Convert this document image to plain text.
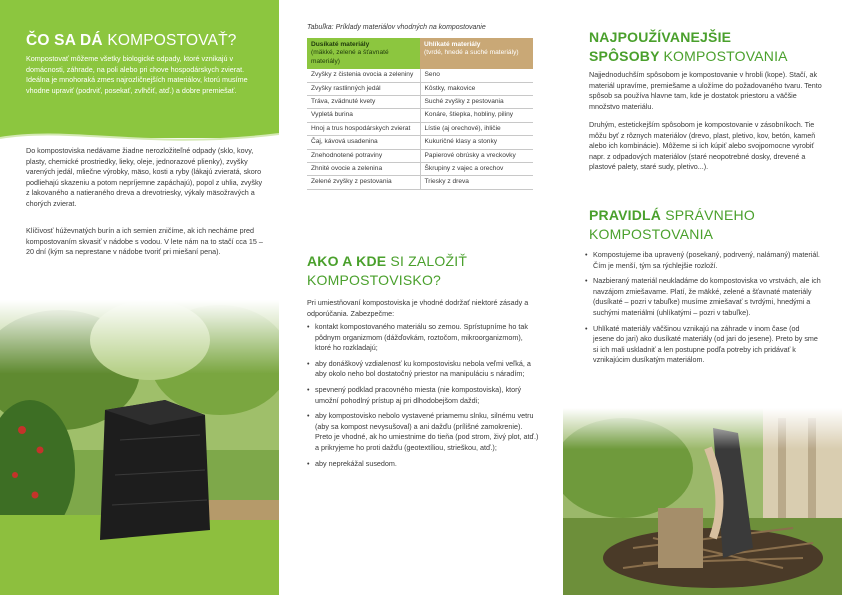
ČO SA DÁ KOMPOSTOVAŤ?

Kompostovať môžeme všetky biologické odpady, ktoré vznikajú v domácnosti, záhrade, na poli alebo pri chove hospodárskych zvierat. Ideálna je mnohoraká zmes najrozličnejších materiálov, ktorú musíme vhodne upraviť (podrviť, posekať, zvlhčiť, atď.) a dobre premiešať.

Do kompostoviska nedávame žiadne nerozložiteľné odpady (sklo, kovy, plasty, chemické prostriedky, lieky, oleje, jednorazové plienky), zvyšky varených jedál, mliečne výrobky, mäso, kosti a ryby (lákajú zvieratá, skoro podliehajú skazeniu a potom nepríjemne zapáchajú), popol z uhlia, zvyšky z lakovaného a natieraného dreva a drevotriesky, výkaly mäsožravých a chorých zvierat.

Klíčivosť húževnatých burín a ich semien zničíme, ak ich necháme pred kompostovaním skvasiť v nádobe s vodou. V lete nám na to stačí cca 15 – 20 dní (kým sa neprestane v nádobe tvoriť pri miešaní pena).

Tabuľka: Príklady materiálov vhodných na kompostovanie

Dusíkaté materiály
(mäkké, zelené a šťavnaté materiály)	Uhlíkaté materiály
(tvrdé, hnedé a suché materiály)
Zvyšky z čistenia ovocia a zeleniny	Seno
Zvyšky rastlinných jedál	Kôstky, makovice
Tráva, zvädnuté kvety	Suché zvyšky z pestovania
Vypletá burina	Konáre, štiepka, hobliny, piliny
Hnoj a trus hospodárskych zvierat	Lístie (aj orechové), ihličie
Čaj, kávová usadenina	Kukuričné klasy a stonky
Znehodnotené potraviny	Papierové obrúsky a vreckovky
Zhnité ovocie a zelenina	Škrupiny z vajec a orechov
Zelené zvyšky z pestovania	Triesky z dreva
AKO A KDE SI ZALOŽIŤ
KOMPOSTOVISKO?

Pri umiestňovaní kompostoviska je vhodné dodržať niektoré zásady a odporúčania. Zabezpečme:

• kontakt kompostovaného materiálu so zemou. Sprístupníme ho tak pôdnym organizmom (dážďovkám, roztočom, mikroorganizmom), ktoré ho rozkladajú;
• aby donáškový vzdialenosť ku kompostovisku nebola veľmi veľká, a aby okolo neho bol dostatočný priestor na manipuláciu s náradím;
• spevnený podklad pracovného miesta (nie kompostoviska), ktorý umožní pohodlný prístup aj pri dlhodobejšom daždi;
• aby kompostovisko nebolo vystavené priamemu slnku, silnému vetru (aby sa kompost nevysušoval) a ani dažďu (prílišné zamokrenie). Preto je vhodné, ak ho umiestnime do tieňa (pod strom, živý plot, atď.) a prikryjeme ho proti dažďu (geotextíliou, strieškou, atď.);
• aby neprekážal susedom.
NAJPOUŽÍVANEJŠIE
SPÔSOBY KOMPOSTOVANIA

Najjednoduchším spôsobom je kompostovanie v hrobli (kope). Stačí, ak materiál upravíme, premiešame a uložíme do požadovaného tvaru. Tento spôsob sa používa hlavne tam, kde je dostatok priestoru a väčšie množstvo materiálu.

Druhým, estetickejším spôsobom je kompostovanie v zásobníkoch. Tie môžu byť z rôznych materiálov (drevo, plast, pletivo, kov, betón, kameň alebo ich kombinácie). Môžeme si ich kúpiť alebo svojpomocne vyrobiť napr. z odpadových materiálov (staré neopotrebné dosky, drevené a plastové palety, staré sudy, pletivo...).

PRAVIDLÁ SPRÁVNEHO
KOMPOSTOVANIA
• Kompostujeme iba upravený (posekaný, podrvený, nalámaný) materiál. Čím je menší, tým sa rýchlejšie rozloží.
• Nazbieraný materiál neukladáme do kompostoviska vo vrstvách, ale ich navzájom zmiešavame. Platí, že mäkké, zelené a šťavnaté materiály (dusíkaté – pozri v tabuľke) musíme zmiešavať s tvrdými, hnedými a suchými materiálmi (uhlíkatými – pozri v tabuľke).
• Uhlíkaté materiály väčšinou vznikajú na záhrade v inom čase (od jesene do jari) ako dusíkaté materiály (od jari do jesene). Preto by sme si ich mali uskladniť a len postupne podľa potreby ich pridávať k vznikajúcim dusíkatým materiálom.
